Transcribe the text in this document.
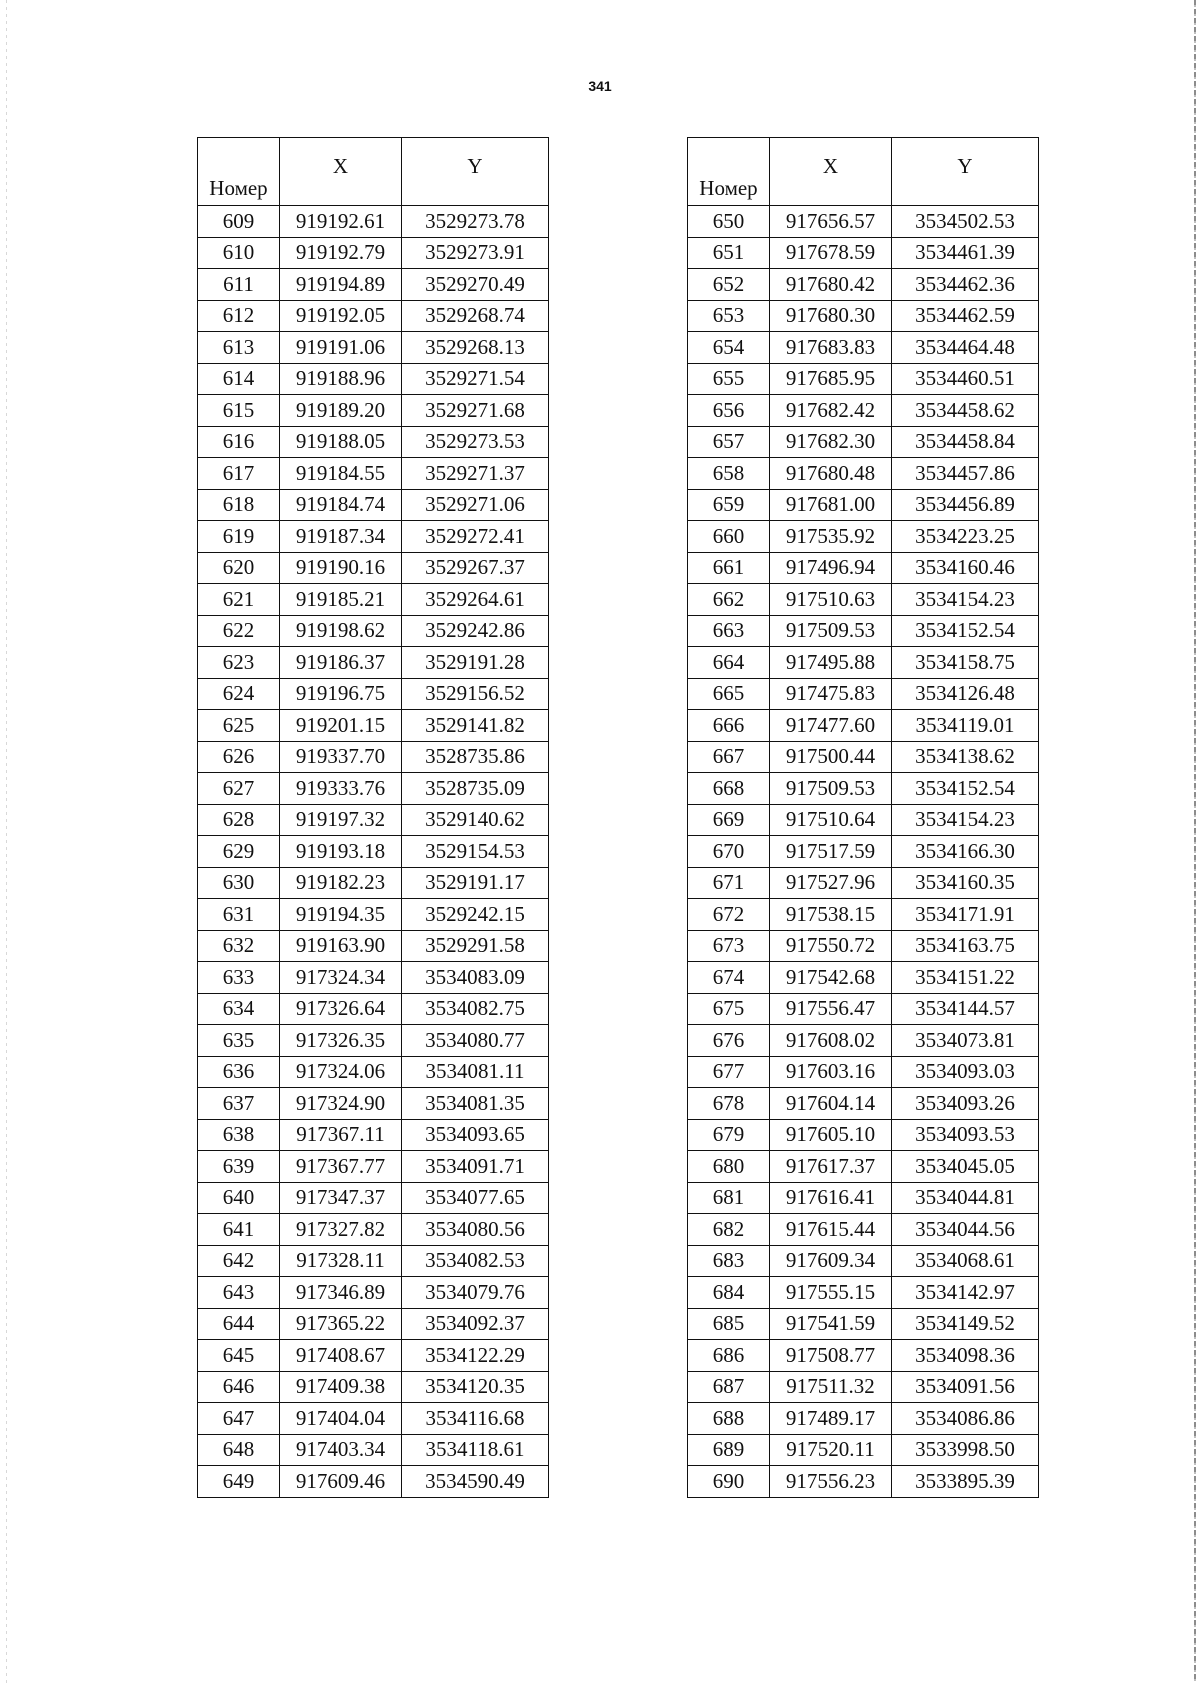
341
Номер	X	Y
609	919192.61	3529273.78
610	919192.79	3529273.91
611	919194.89	3529270.49
612	919192.05	3529268.74
613	919191.06	3529268.13
614	919188.96	3529271.54
615	919189.20	3529271.68
616	919188.05	3529273.53
617	919184.55	3529271.37
618	919184.74	3529271.06
619	919187.34	3529272.41
620	919190.16	3529267.37
621	919185.21	3529264.61
622	919198.62	3529242.86
623	919186.37	3529191.28
624	919196.75	3529156.52
625	919201.15	3529141.82
626	919337.70	3528735.86
627	919333.76	3528735.09
628	919197.32	3529140.62
629	919193.18	3529154.53
630	919182.23	3529191.17
631	919194.35	3529242.15
632	919163.90	3529291.58
633	917324.34	3534083.09
634	917326.64	3534082.75
635	917326.35	3534080.77
636	917324.06	3534081.11
637	917324.90	3534081.35
638	917367.11	3534093.65
639	917367.77	3534091.71
640	917347.37	3534077.65
641	917327.82	3534080.56
642	917328.11	3534082.53
643	917346.89	3534079.76
644	917365.22	3534092.37
645	917408.67	3534122.29
646	917409.38	3534120.35
647	917404.04	3534116.68
648	917403.34	3534118.61
649	917609.46	3534590.49
Номер	X	Y
650	917656.57	3534502.53
651	917678.59	3534461.39
652	917680.42	3534462.36
653	917680.30	3534462.59
654	917683.83	3534464.48
655	917685.95	3534460.51
656	917682.42	3534458.62
657	917682.30	3534458.84
658	917680.48	3534457.86
659	917681.00	3534456.89
660	917535.92	3534223.25
661	917496.94	3534160.46
662	917510.63	3534154.23
663	917509.53	3534152.54
664	917495.88	3534158.75
665	917475.83	3534126.48
666	917477.60	3534119.01
667	917500.44	3534138.62
668	917509.53	3534152.54
669	917510.64	3534154.23
670	917517.59	3534166.30
671	917527.96	3534160.35
672	917538.15	3534171.91
673	917550.72	3534163.75
674	917542.68	3534151.22
675	917556.47	3534144.57
676	917608.02	3534073.81
677	917603.16	3534093.03
678	917604.14	3534093.26
679	917605.10	3534093.53
680	917617.37	3534045.05
681	917616.41	3534044.81
682	917615.44	3534044.56
683	917609.34	3534068.61
684	917555.15	3534142.97
685	917541.59	3534149.52
686	917508.77	3534098.36
687	917511.32	3534091.56
688	917489.17	3534086.86
689	917520.11	3533998.50
690	917556.23	3533895.39
